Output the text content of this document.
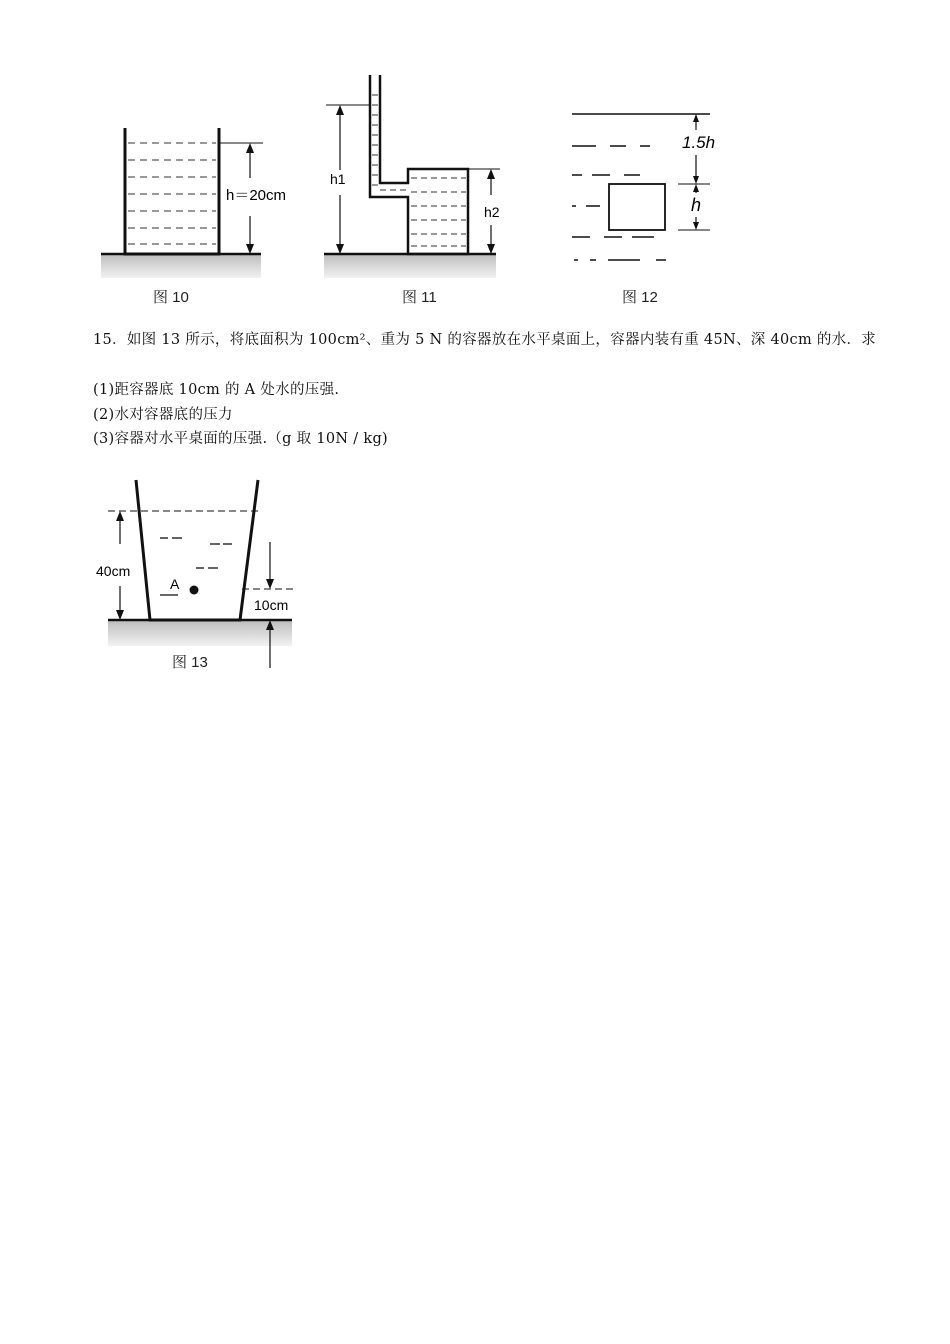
h＝20cm
图 10
h1
h2
图 11
1.5h
h
图 12
15．如图 13 所示，将底面积为 100cm²、重为 5 N 的容器放在水平桌面上，容器内装有重 45N、深 40cm 的水．求
(1)距容器底 10cm 的 A 处水的压强.
(2)水对容器底的压力
(3)容器对水平桌面的压强.（g 取 10N / kg)
A
40cm
10cm
图 13
